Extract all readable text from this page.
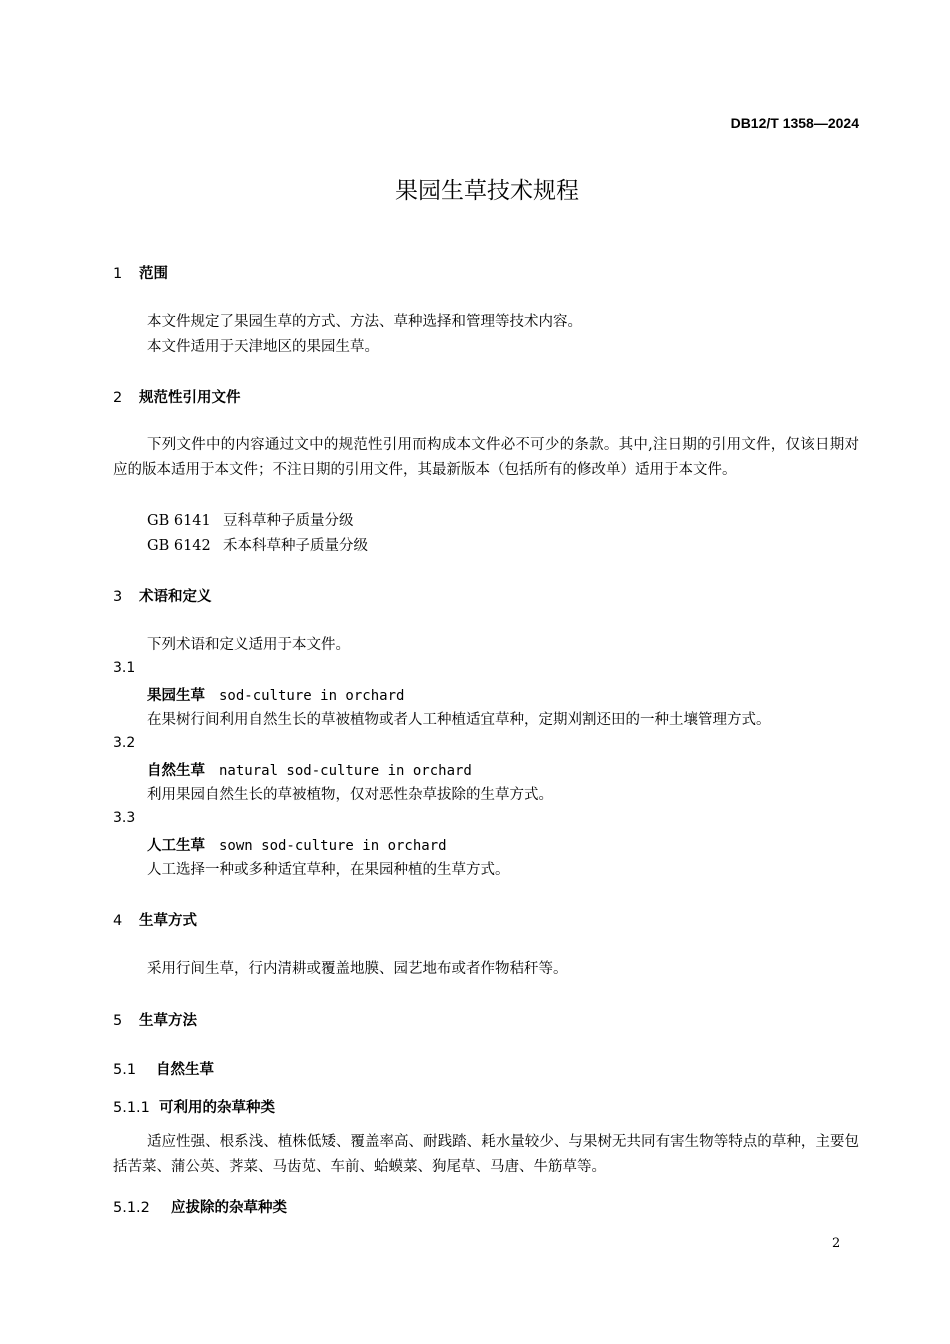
DB12/T 1358—2024
果园生草技术规程
1 范围
本文件规定了果园生草的方式、方法、草种选择和管理等技术内容。
本文件适用于天津地区的果园生草。
2 规范性引用文件
下列文件中的内容通过文中的规范性引用而构成本文件必不可少的条款。其中,注日期的引用文件，仅该日期对应的版本适用于本文件；不注日期的引用文件，其最新版本（包括所有的修改单）适用于本文件。
GB 6141 豆科草种子质量分级
GB 6142 禾本科草种子质量分级
3 术语和定义
下列术语和定义适用于本文件。
3.1
果园生草 sod-culture in orchard
在果树行间利用自然生长的草被植物或者人工种植适宜草种，定期刈割还田的一种土壤管理方式。
3.2
自然生草 natural sod-culture in orchard
利用果园自然生长的草被植物，仅对恶性杂草拔除的生草方式。
3.3
人工生草 sown sod-culture in orchard
人工选择一种或多种适宜草种，在果园种植的生草方式。
4 生草方式
采用行间生草，行内清耕或覆盖地膜、园艺地布或者作物秸秆等。
5 生草方法
5.1 自然生草
5.1.1 可利用的杂草种类
适应性强、根系浅、植株低矮、覆盖率高、耐践踏、耗水量较少、与果树无共同有害生物等特点的草种，主要包括苦菜、蒲公英、荠菜、马齿苋、车前、蛤蟆菜、狗尾草、马唐、牛筋草等。
5.1.2 应拔除的杂草种类
2
